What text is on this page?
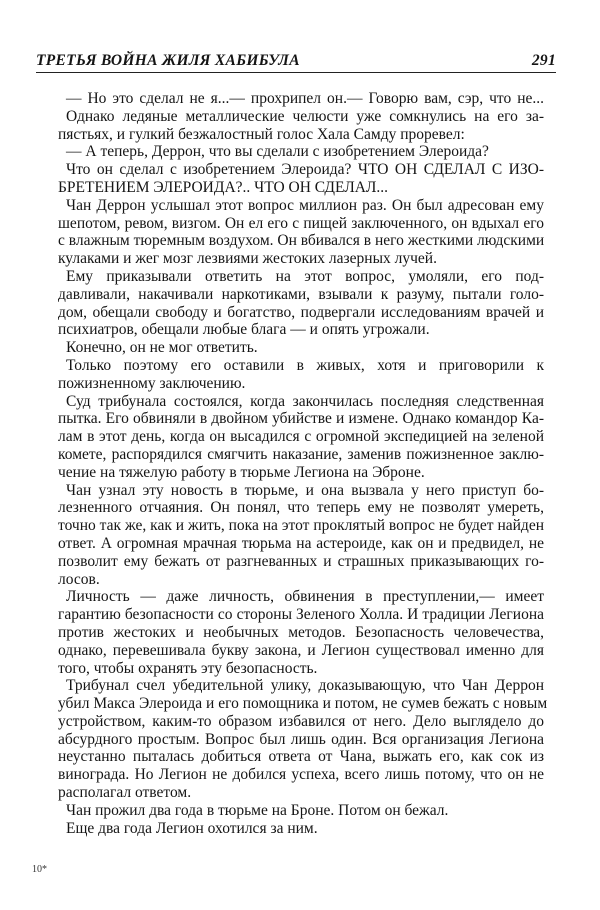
ТРЕТЬЯ ВОЙНА ЖИЛЯ ХАБИБУЛА	291
— Но это сделал не я...— прохрипел он.— Говорю вам, сэр, что не...
Однако ледяные металлические челюсти уже сомкнулись на его за-
пястьях, и гулкий безжалостный голос Хала Самду проревел:
— А теперь, Деррон, что вы сделали с изобретением Элероида?
Что он сделал с изобретением Элероида? ЧТО ОН СДЕЛАЛ С ИЗО-
БРЕТЕНИЕМ ЭЛЕРОИДА?.. ЧТО ОН СДЕЛАЛ...
Чан Деррон услышал этот вопрос миллион раз. Он был адресован ему
шепотом, ревом, визгом. Он ел его с пищей заключенного, он вдыхал его
с влажным тюремным воздухом. Он вбивался в него жесткими людскими
кулаками и жег мозг лезвиями жестоких лазерных лучей.
Ему приказывали ответить на этот вопрос, умоляли, его под-
давливали, накачивали наркотиками, взывали к разуму, пытали голо-
дом, обещали свободу и богатство, подвергали исследованиям врачей и
психиатров, обещали любые блага — и опять угрожали.
Конечно, он не мог ответить.
Только поэтому его оставили в живых, хотя и приговорили к
пожизненному заключению.
Суд трибунала состоялся, когда закончилась последняя следственная
пытка. Его обвиняли в двойном убийстве и измене. Однако командор Ка-
лам в этот день, когда он высадился с огромной экспедицией на зеленой
комете, распорядился смягчить наказание, заменив пожизненное заклю-
чение на тяжелую работу в тюрьме Легиона на Эброне.
Чан узнал эту новость в тюрьме, и она вызвала у него приступ бо-
лезненного отчаяния. Он понял, что теперь ему не позволят умереть,
точно так же, как и жить, пока на этот проклятый вопрос не будет найден
ответ. А огромная мрачная тюрьма на астероиде, как он и предвидел, не
позволит ему бежать от разгневанных и страшных приказывающих го-
лосов.
Личность — даже личность, обвинения в преступлении,— имеет
гарантию безопасности со стороны Зеленого Холла. И традиции Легиона
против жестоких и необычных методов. Безопасность человечества,
однако, перевешивала букву закона, и Легион существовал именно для
того, чтобы охранять эту безопасность.
Трибунал счел убедительной улику, доказывающую, что Чан Деррон
убил Макса Элероида и его помощника и потом, не сумев бежать с новым
устройством, каким-то образом избавился от него. Дело выглядело до
абсурдного простым. Вопрос был лишь один. Вся организация Легиона
неустанно пыталась добиться ответа от Чана, выжать его, как сок из
винограда. Но Легион не добился успеха, всего лишь потому, что он не
располагал ответом.
Чан прожил два года в тюрьме на Броне. Потом он бежал.
Еще два года Легион охотился за ним.
10*
